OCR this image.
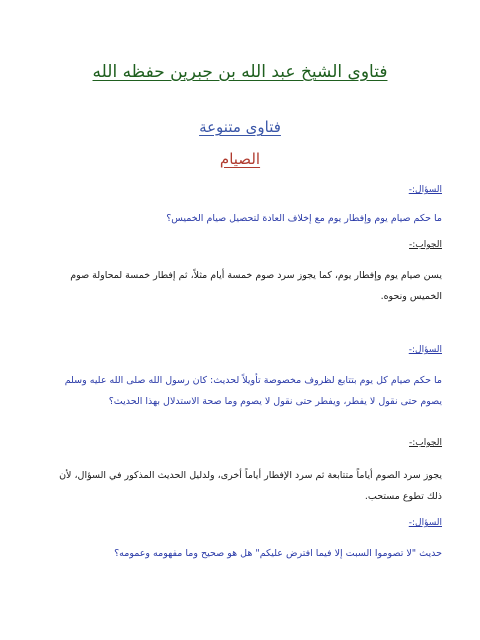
فتاوى الشيخ عبد الله بن جبرين حفظه الله
فتاوى متنوعة
الصيام
السؤال:-
ما حكم صيام يوم وإفطار يوم مع إخلاف العادة لتحصيل صيام الخميس؟
الجواب:-
يسن صيام يوم وإفطار يوم، كما يجوز سرد صوم خمسة أيام مثلاً، ثم إفطار خمسة لمحاولة صوم الخميس ونحوه.
السؤال:-
ما حكم صيام كل يوم بتتابع لظروف مخصوصة تأويلاً لحديث: كان رسول الله صلى الله عليه وسلم يصوم حتى نقول لا يفطر، ويفطر حتى نقول لا يصوم وما صحة الاستدلال بهذا الحديث؟
الجواب:-
يجوز سرد الصوم أياماً متتابعة ثم سرد الإفطار أياماً أخرى، ولدليل الحديث المذكور في السؤال، لأن ذلك تطوع مستحب.
السؤال:-
حديث "لا تصوموا السبت إلا فيما افترض عليكم" هل هو صحيح وما مفهومه وعمومه؟
